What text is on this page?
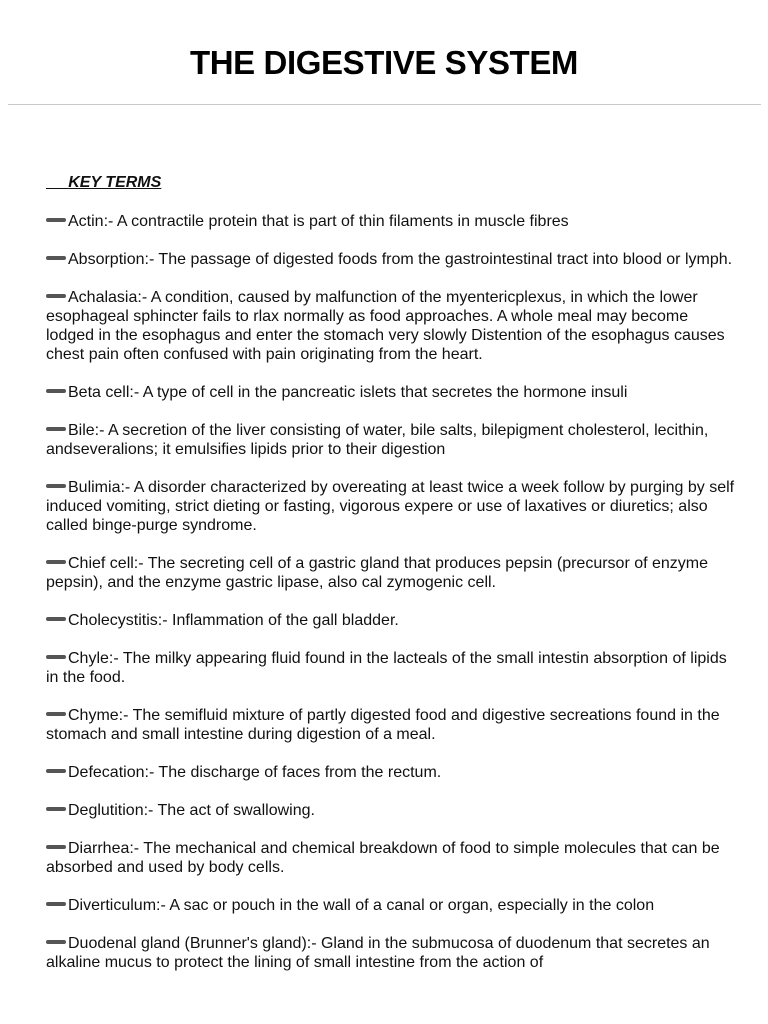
THE DIGESTIVE SYSTEM
KEY TERMS

Actin:- A contractile protein that is part of thin filaments in muscle fibres

Absorption:- The passage of digested foods from the gastrointestinal tract into blood or lymph.

Achalasia:- A condition, caused by malfunction of the myentericplexus, in which the lower esophageal sphincter fails to rlax normally as food approaches. A whole meal may become lodged in the esophagus and enter the stomach very slowly Distention of the esophagus causes chest pain often confused with pain originating from the heart.

Beta cell:- A type of cell in the pancreatic islets that secretes the hormone insuli

Bile:- A secretion of the liver consisting of water, bile salts, bilepigment cholesterol, lecithin, andseveralions; it emulsifies lipids prior to their digestion

Bulimia:- A disorder characterized by overeating at least twice a week follow by purging by self induced vomiting, strict dieting or fasting, vigorous expere or use of laxatives or diuretics; also called binge-purge syndrome.

Chief cell:- The secreting cell of a gastric gland that produces pepsin (precursor of enzyme pepsin), and the enzyme gastric lipase, also cal zymogenic cell.

Cholecystitis:- Inflammation of the gall bladder.

Chyle:- The milky appearing fluid found in the lacteals of the small intestin absorption of lipids in the food.

Chyme:- The semifluid mixture of partly digested food and digestive secreations found in the stomach and small intestine during digestion of a meal.

Defecation:- The discharge of faces from the rectum.

Deglutition:- The act of swallowing.

Diarrhea:- The mechanical and chemical breakdown of food to simple molecules that can be absorbed and used by body cells.

Diverticulum:- A sac or pouch in the wall of a canal or organ, especially in the colon

Duodenal gland (Brunner's gland):- Gland in the submucosa of duodenum that secretes an alkaline mucus to protect the lining of small intestine from the action of
